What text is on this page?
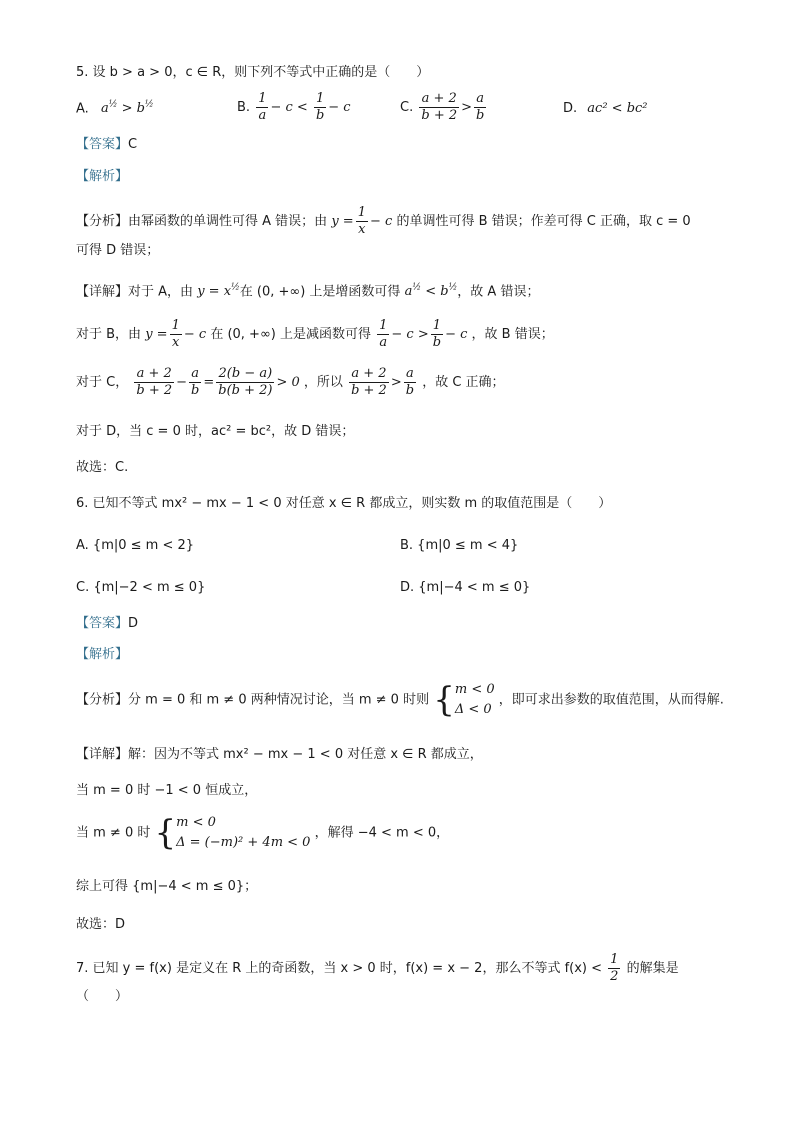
5. 设 b > a > 0，c ∈ R，则下列不等式中正确的是（　　）
A. $a^{\frac{1}{2}} > b^{\frac{1}{2}}$	B. $\frac{1}{a} - c < \frac{1}{b} - c$	C. $\frac{a + 2}{b + 2} > \frac{a}{b}$	D. ac² < bc²
【答案】C
【解析】
【分析】由幂函数的单调性可得 A 错误；由 $y = \frac{1}{x} - c$ 的单调性可得 B 错误；作差可得 C 正确，取 c = 0
可得 D 错误；
【详解】对于 A，由 $y = x^{\frac{1}{2}}$在 (0, +∞) 上是增函数可得 $a^{\frac{1}{2}} < b^{\frac{1}{2}}$，故 A 错误；
对于 B，由 $y = \frac{1}{x} - c$ 在 (0, +∞) 上是减函数可得 $\frac{1}{a} - c > \frac{1}{b} - c$ ，故 B 错误；
对于 C， $\frac{a + 2}{b + 2} - \frac{a}{b} = \frac{2(b - a)}{b(b + 2)} > 0$ ，所以 $\frac{a + 2}{b + 2} > \frac{a}{b}$ ，故 C 正确；
对于 D，当 c = 0 时，ac² = bc²，故 D 错误；
故选：C.
6. 已知不等式 mx² − mx − 1 < 0 对任意 x ∈ R 都成立，则实数 m 的取值范围是（　　）
A. {m|0 ≤ m < 2}	B. {m|0 ≤ m < 4}
C. {m|−2 < m ≤ 0}	D. {m|−4 < m ≤ 0}
【答案】D
【解析】
【分析】分 m = 0 和 m ≠ 0 两种情况讨论，当 m ≠ 0 时则 { m < 0
Δ < 0
，即可求出参数的取值范围，从而得解.
【详解】解：因为不等式 mx² − mx − 1 < 0 对任意 x ∈ R 都成立，
当 m = 0 时 −1 < 0 恒成立，
当 m ≠ 0 时 { m < 0
Δ = (−m)² + 4m < 0
，解得 −4 < m < 0，
综上可得 {m|−4 < m ≤ 0}；
故选：D
7. 已知 y = f(x) 是定义在 R 上的奇函数，当 x > 0 时，f(x) = x − 2，那么不等式 $f(x) < \frac{1}{2}$ 的解集是
（　　）
